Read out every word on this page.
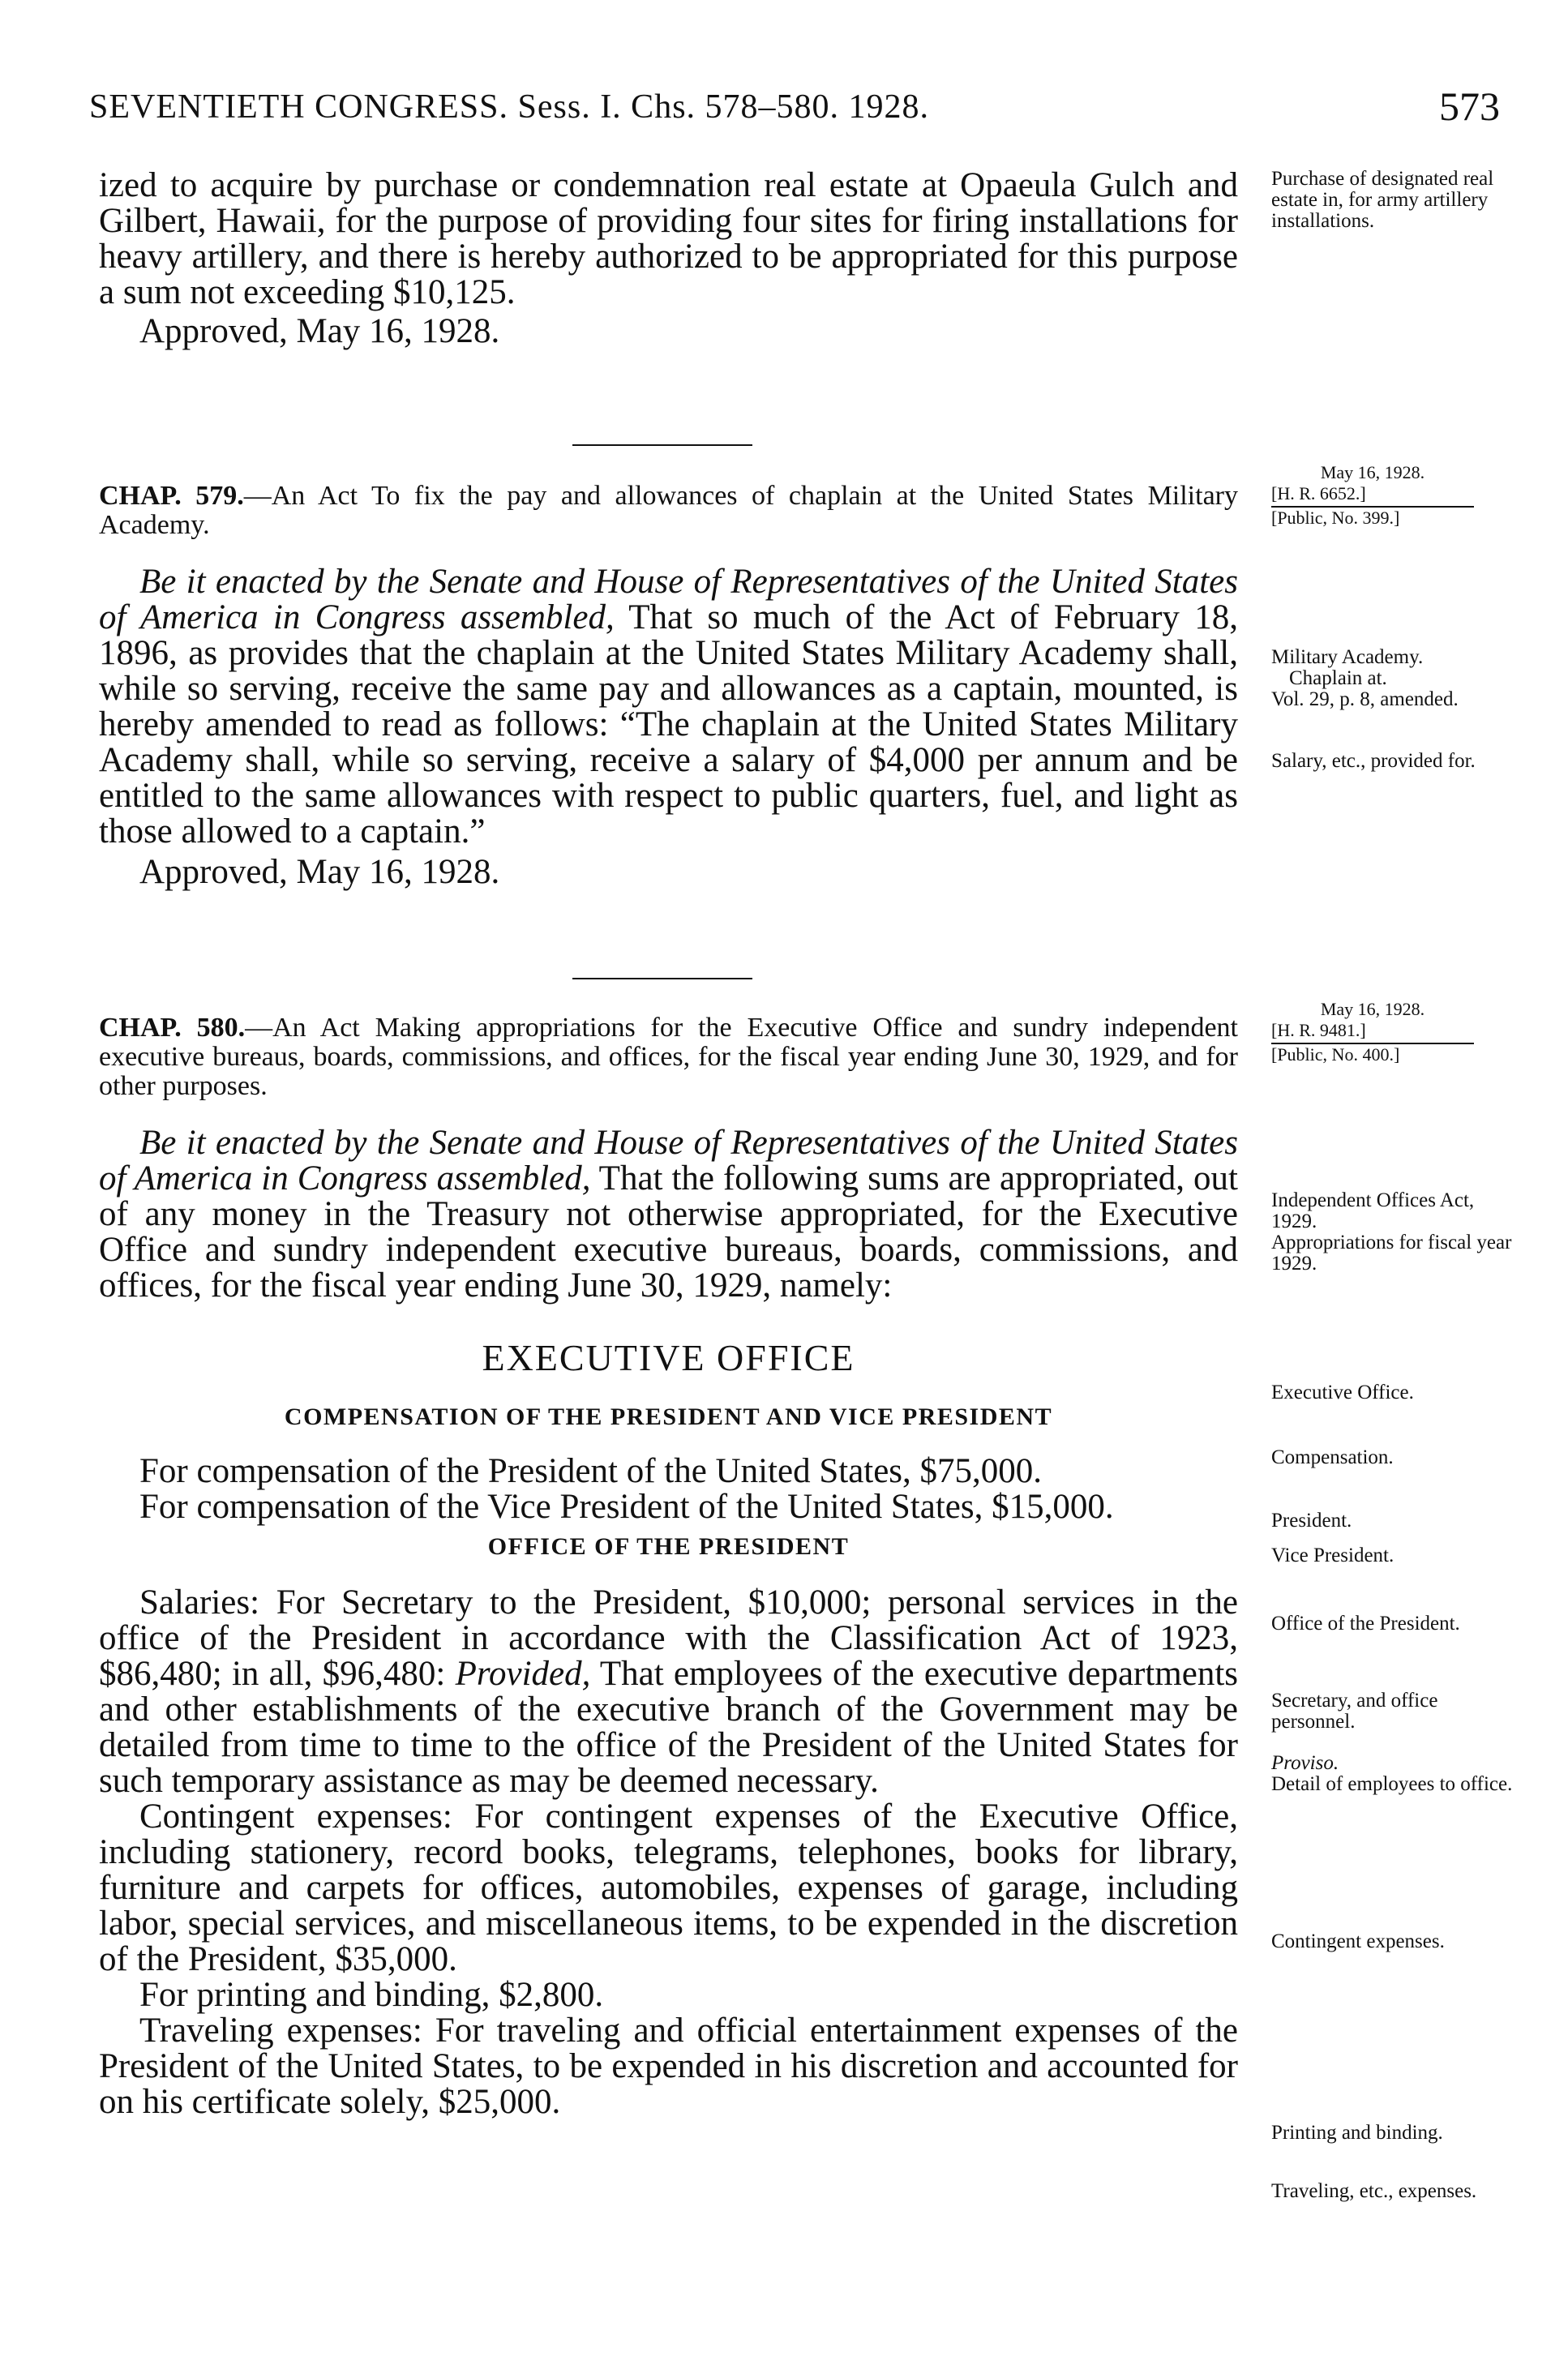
SEVENTIETH CONGRESS. Sess. I. Chs. 578–580. 1928.	573

ized to acquire by purchase or condemnation real estate at Opaeula Gulch and Gilbert, Hawaii, for the purpose of providing four sites for firing installations for heavy artillery, and there is hereby authorized to be appropriated for this purpose a sum not exceeding $10,125.

Approved, May 16, 1928.

CHAP. 579.—An Act To fix the pay and allowances of chaplain at the United States Military Academy.

Be it enacted by the Senate and House of Representatives of the United States of America in Congress assembled, That so much of the Act of February 18, 1896, as provides that the chaplain at the United States Military Academy shall, while so serving, receive the same pay and allowances as a captain, mounted, is hereby amended to read as follows: “The chaplain at the United States Military Academy shall, while so serving, receive a salary of $4,000 per annum and be entitled to the same allowances with respect to public quarters, fuel, and light as those allowed to a captain.”

Approved, May 16, 1928.

CHAP. 580.—An Act Making appropriations for the Executive Office and sundry independent executive bureaus, boards, commissions, and offices, for the fiscal year ending June 30, 1929, and for other purposes.

Be it enacted by the Senate and House of Representatives of the United States of America in Congress assembled, That the following sums are appropriated, out of any money in the Treasury not otherwise appropriated, for the Executive Office and sundry independent executive bureaus, boards, commissions, and offices, for the fiscal year ending June 30, 1929, namely:

EXECUTIVE OFFICE
COMPENSATION OF THE PRESIDENT AND VICE PRESIDENT

For compensation of the President of the United States, $75,000.

For compensation of the Vice President of the United States, $15,000.

OFFICE OF THE PRESIDENT

Salaries: For Secretary to the President, $10,000; personal services in the office of the President in accordance with the Classification Act of 1923, $86,480; in all, $96,480: Provided, That employees of the executive departments and other establishments of the executive branch of the Government may be detailed from time to time to the office of the President of the United States for such temporary assistance as may be deemed necessary.

Contingent expenses: For contingent expenses of the Executive Office, including stationery, record books, telegrams, telephones, books for library, furniture and carpets for offices, automobiles, expenses of garage, including labor, special services, and miscellaneous items, to be expended in the discretion of the President, $35,000.

For printing and binding, $2,800.

Traveling expenses: For traveling and official entertainment expenses of the President of the United States, to be expended in his discretion and accounted for on his certificate solely, $25,000.

Purchase of designated real estate in, for army artillery installations.
May 16, 1928.
[H. R. 6652.]
[Public, No. 399.]
Military Academy.
Chaplain at.
Vol. 29, p. 8, amended.
Salary, etc., provided for.
May 16, 1928.
[H. R. 9481.]
[Public, No. 400.]
Independent Offices Act, 1929.
Appropriations for fiscal year 1929.
Executive Office.
Compensation.
President.
Vice President.
Office of the President.
Secretary, and office personnel.
Proviso.
Detail of employees to office.
Contingent expenses.
Printing and binding.
Traveling, etc., expenses.
